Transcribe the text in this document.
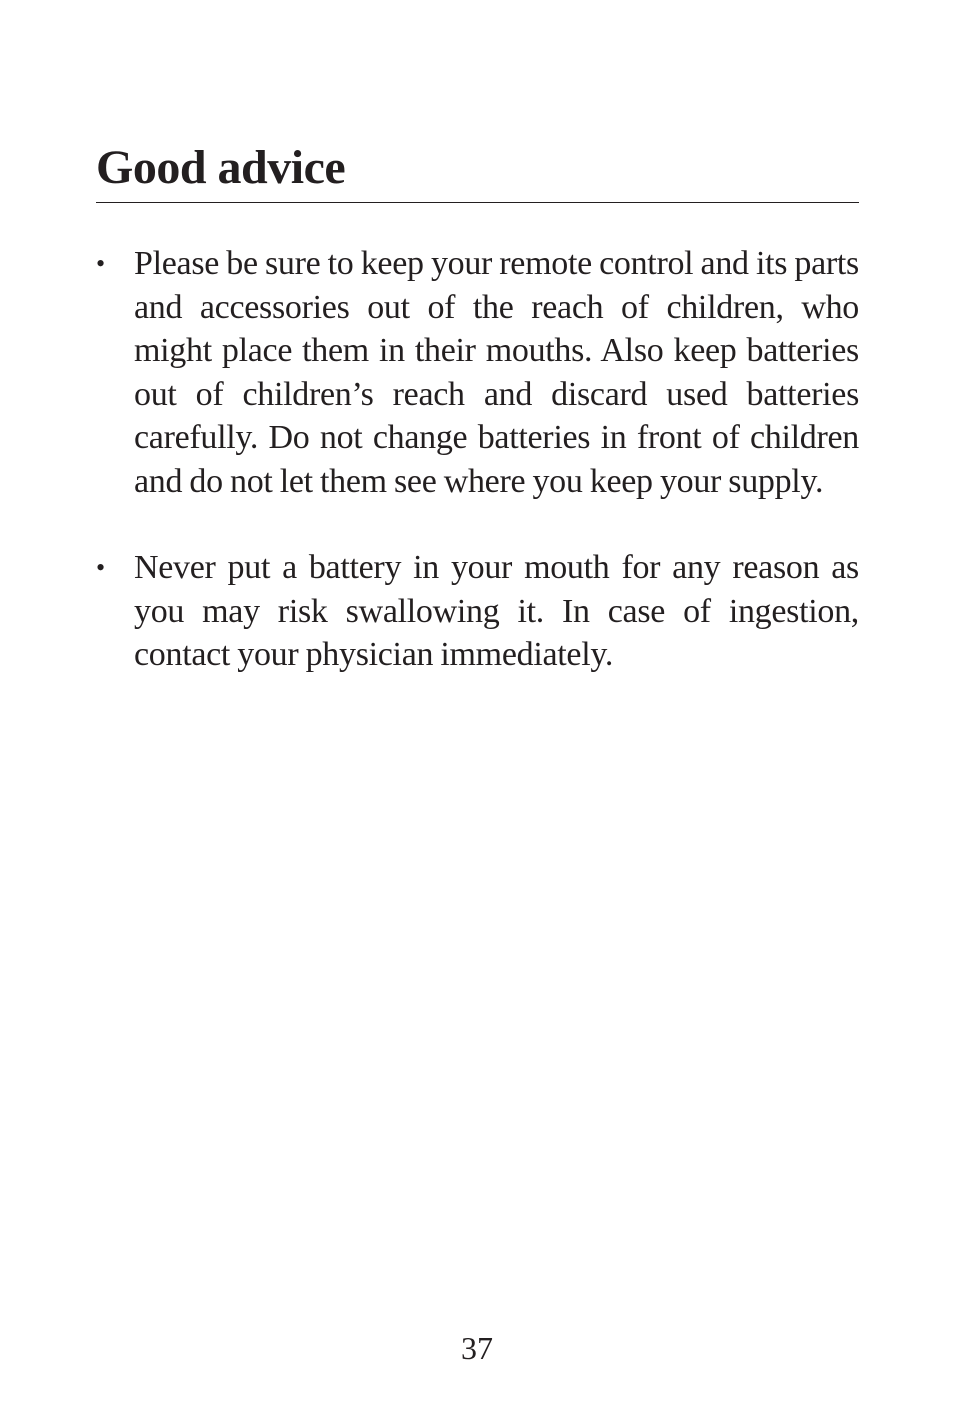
Good advice
• Please be sure to keep your remote control and its parts and accessories out of the reach of children, who might place them in their mouths. Also keep batteries out of children’s reach and discard used batteries carefully. Do not change batteries in front of children and do not let them see where you keep your supply.
• Never put a battery in your mouth for any reason as you may risk swallowing it. In case of ingestion, contact your physician immediately.
37
